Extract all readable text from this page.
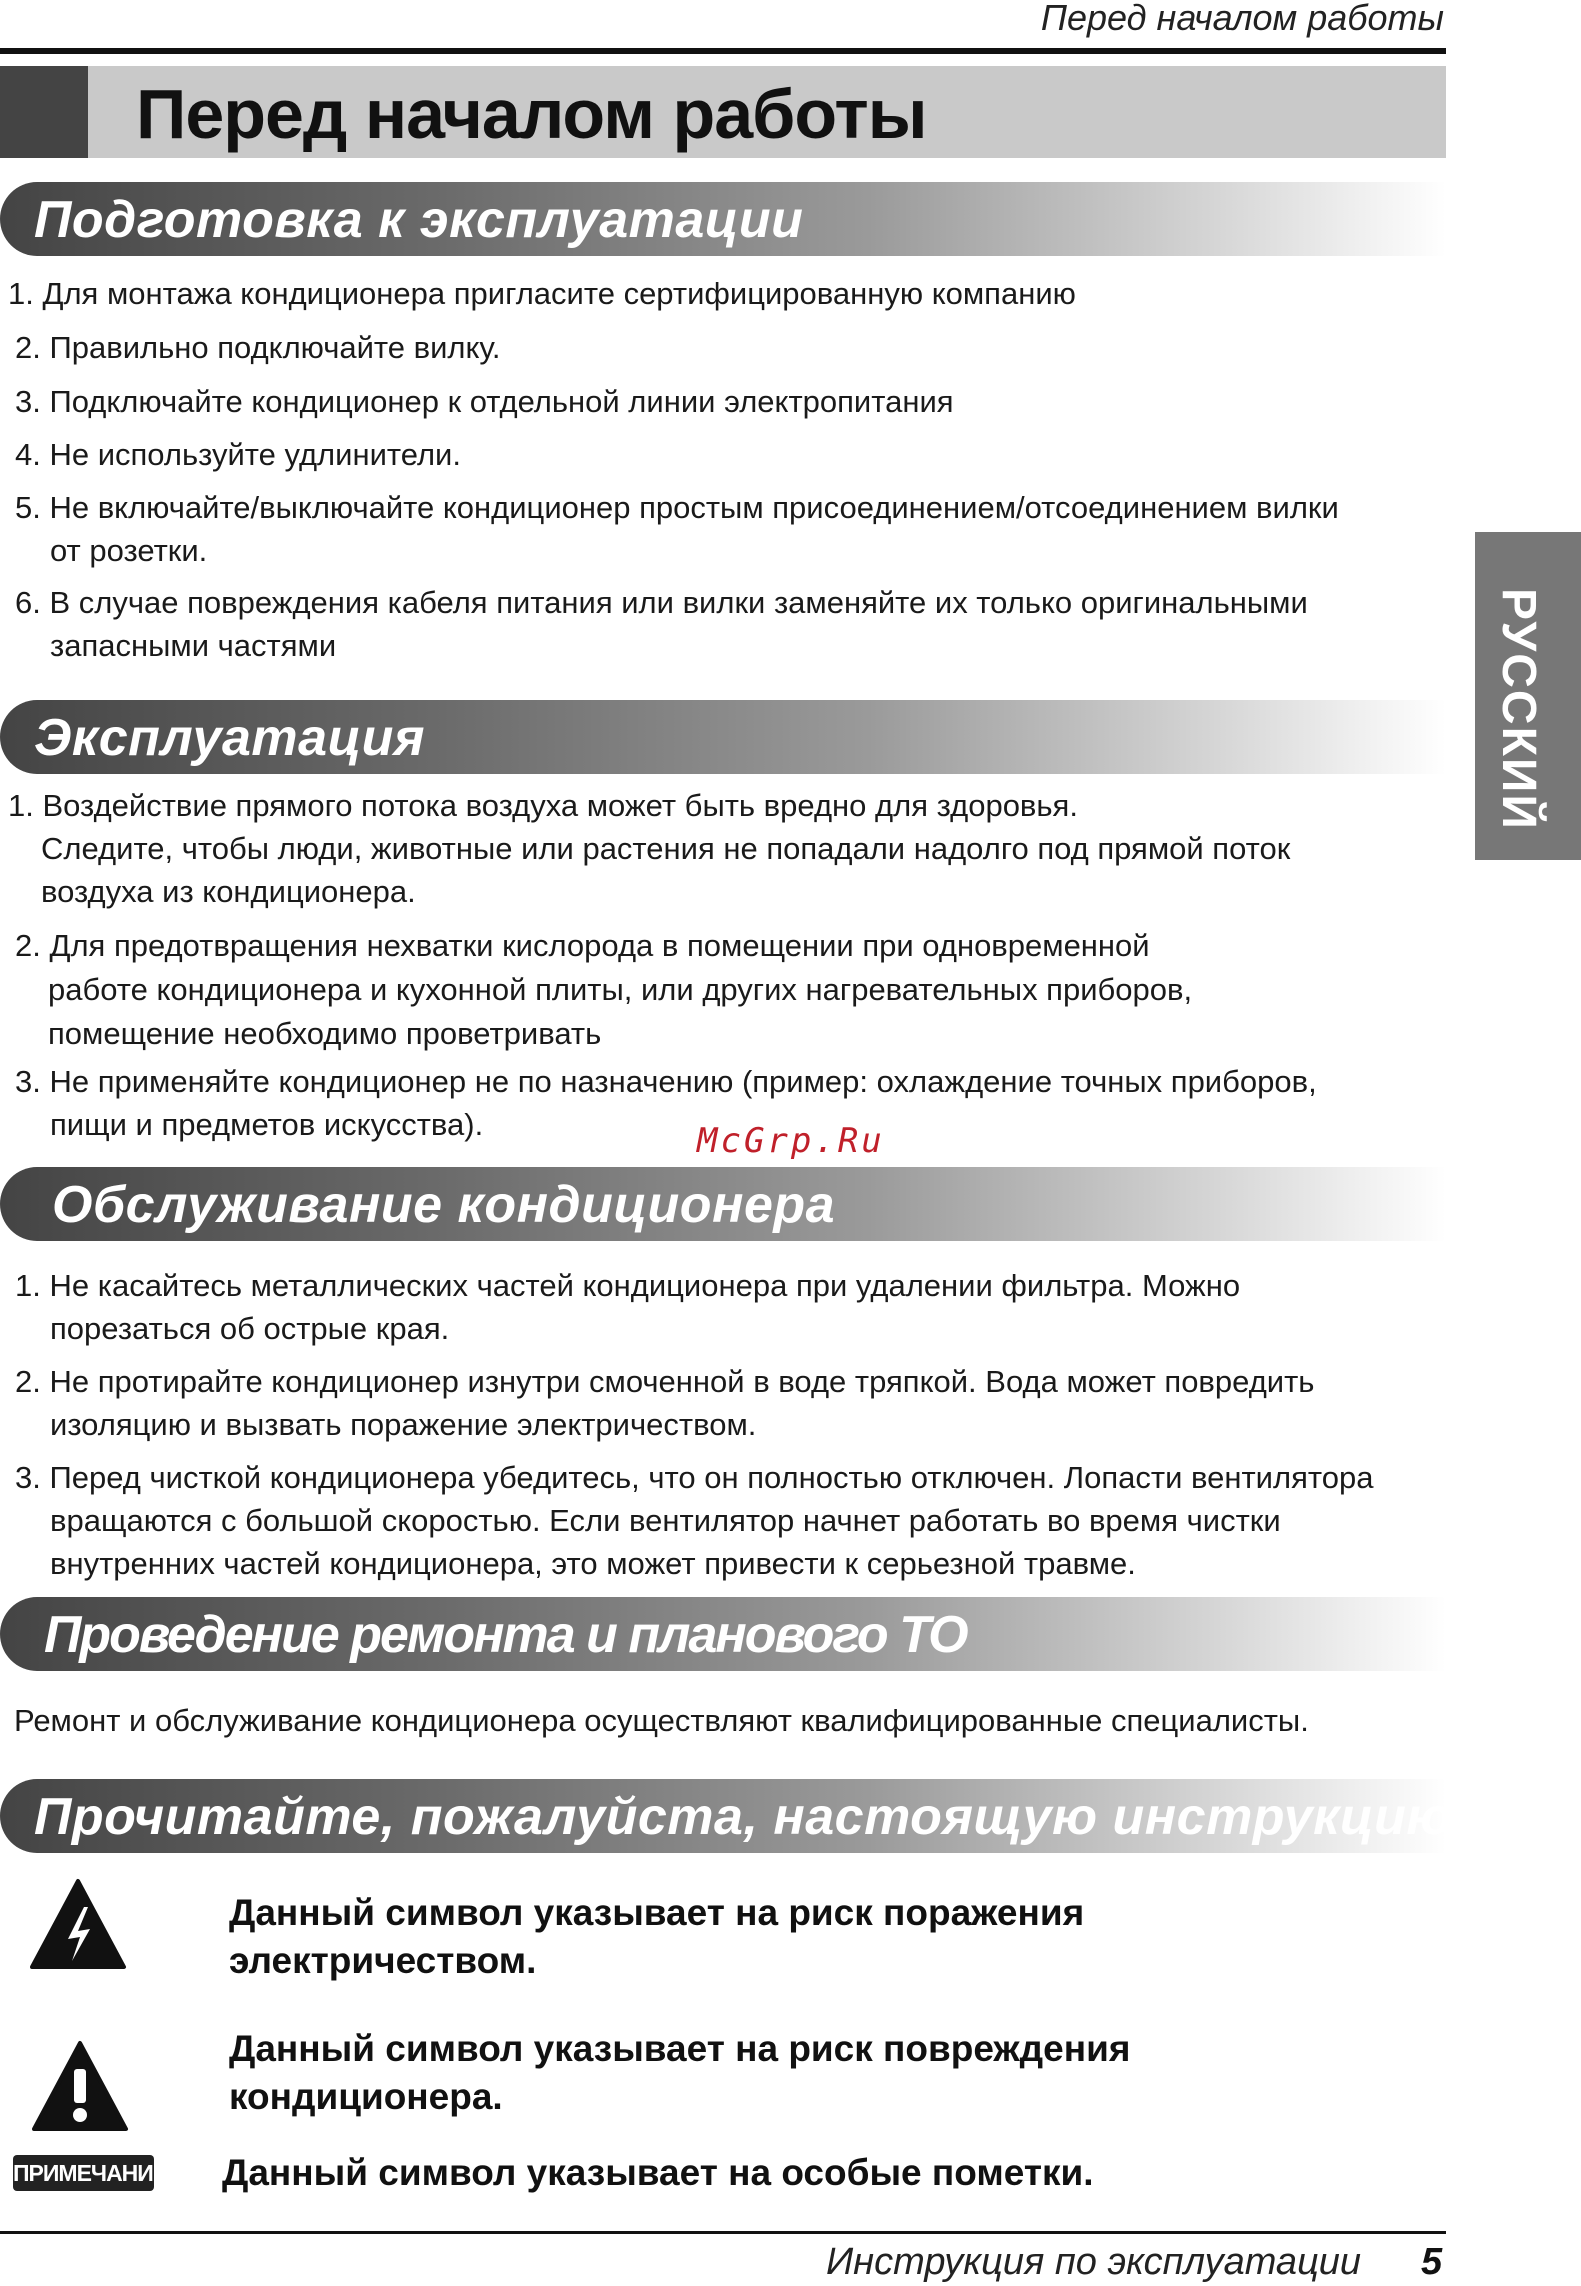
Перед началом работы
Перед началом работы
РУССКИЙ
Подготовка к эксплуатации
1. Для монтажа кондиционера пригласите сертифицированную компанию
2. Правильно подключайте вилку.
3. Подключайте кондиционер к отдельной линии электропитания
4. Не используйте удлинители.
5. Не включайте/выключайте кондиционер простым присоединением/отсоединением вилки
от розетки.
6. В случае повреждения кабеля питания или вилки заменяйте их только оригинальными
запасными частями
Эксплуатация
1. Воздействие прямого потока воздуха может быть вредно для здоровья.
Следите, чтобы люди, животные или растения не попадали надолго под прямой поток
воздуха из кондиционера.
2. Для предотвращения нехватки кислорода в помещении при одновременной
работе кондиционера и кухонной плиты, или других нагревательных приборов,
помещение необходимо проветривать
3. Не применяйте кондиционер не по назначению (пример: охлаждение точных приборов,
пищи и предметов искусства).	McGrp.Ru
Обслуживание кондиционера
1. Не касайтесь металлических частей кондиционера при удалении фильтра. Можно
порезаться об острые края.
2. Не протирайте кондиционер изнутри смоченной в воде тряпкой. Вода может повредить
изоляцию и вызвать поражение электричеством.
3. Перед чисткой кондиционера убедитесь, что он полностью отключен. Лопасти вентилятора
вращаются с большой скоростью. Если вентилятор начнет работать во время чистки
внутренних частей кондиционера, это может привести к серьезной травме.
Проведение ремонта и планового ТО
Ремонт и обслуживание кондиционера осуществляют квалифицированные специалисты.
Прочитайте, пожалуйста, настоящую инструкцию.
Данный символ указывает на риск поражения
электричеством.
Данный символ указывает на риск повреждения
кондиционера.
ПРИМЕЧАНИЕ Данный символ указывает на особые пометки.
Инструкция по эксплуатации 5
